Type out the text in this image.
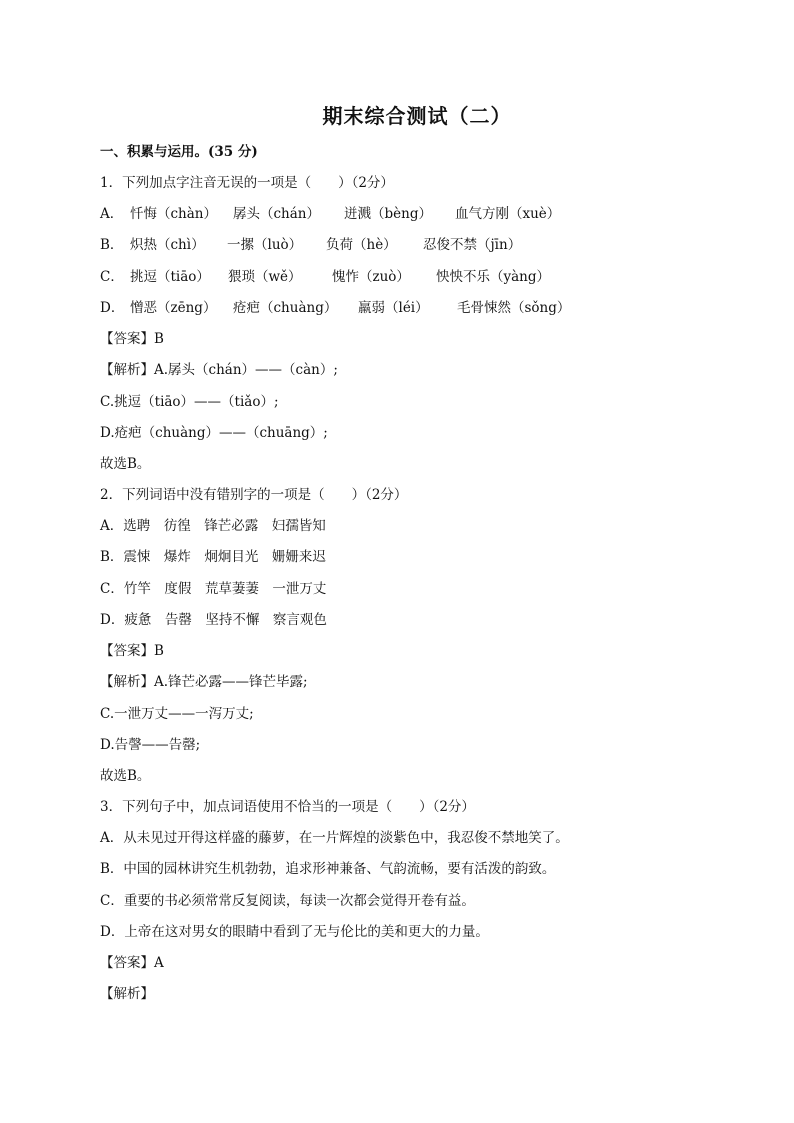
期末综合测试（二）
一、积累与运用。(35 分)
1．下列加点字注音无误的一项是（　　）（2分）
A． 忏悔（chàn）	孱头（chán）	迸溅（bèng）	血气方刚（xuè）
B． 炽热（chì）	一摞（luò）	负荷（hè）	忍俊不禁（jīn）
C． 挑逗（tiāo）	猥琐（wě）	愧怍（zuò）	怏怏不乐（yàng）
D． 憎恶（zēng）	疮疤（chuàng）	羸弱（léi）	毛骨悚然（sǒng）
【答案】B
【解析】A.孱头（chán）——（càn）;
C.挑逗（tiāo）——（tiǎo）;
D.疮疤（chuàng）——（chuāng）;
故选B。
2．下列词语中没有错别字的一项是（　　）（2分）
A．选聘　彷徨　锋芒必露　妇孺皆知
B．震悚　爆炸　炯炯目光　姗姗来迟
C．竹竿　度假　荒草萋萋　一泄万丈
D．疲惫　告罄　坚持不懈　察言观色
【答案】B
【解析】A.锋芒必露——锋芒毕露;
C.一泄万丈——一泻万丈;
D.告謦——告罄;
故选B。
3．下列句子中，加点词语使用不恰当的一项是（　　）（2分）
A．从未见过开得这样盛的藤萝，在一片辉煌的淡紫色中，我忍俊不禁地笑了。
B．中国的园林讲究生机勃勃，追求形神兼备、气韵流畅，要有活泼的韵致。
C．重要的书必须常常反复阅读，每读一次都会觉得开卷有益。
D．上帝在这对男女的眼睛中看到了无与伦比的美和更大的力量。
【答案】A
【解析】
